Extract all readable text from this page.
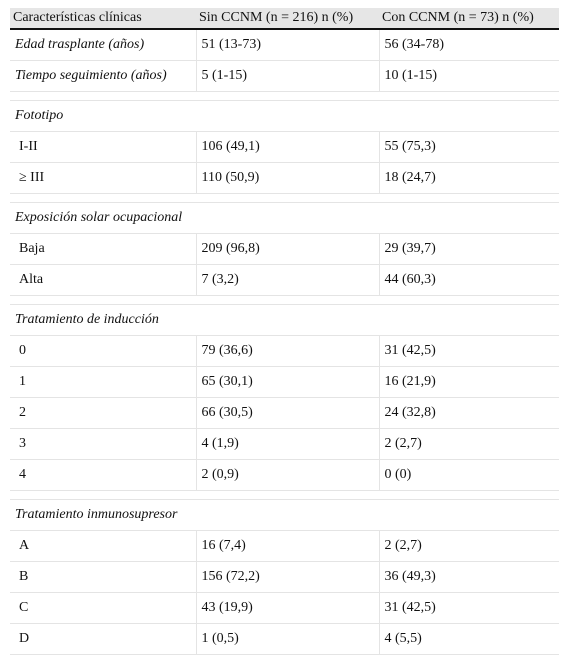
Características clínicas	Sin CCNM (n = 216) n (%)	Con CCNM (n = 73) n (%)
Edad trasplante (años)	51 (13-73)	56 (34-78)
Tiempo seguimiento (años)	5 (1-15)	10 (1-15)

Fototipo		
I-II	106 (49,1)	55 (75,3)
≥ III	110 (50,9)	18 (24,7)

Exposición solar ocupacional		
Baja	209 (96,8)	29 (39,7)
Alta	7 (3,2)	44 (60,3)

Tratamiento de inducción		
0	79 (36,6)	31 (42,5)
1	65 (30,1)	16 (21,9)
2	66 (30,5)	24 (32,8)
3	4 (1,9)	2 (2,7)
4	2 (0,9)	0 (0)

Tratamiento inmunosupresor		
A	16 (7,4)	2 (2,7)
B	156 (72,2)	36 (49,3)
C	43 (19,9)	31 (42,5)
D	1 (0,5)	4 (5,5)
